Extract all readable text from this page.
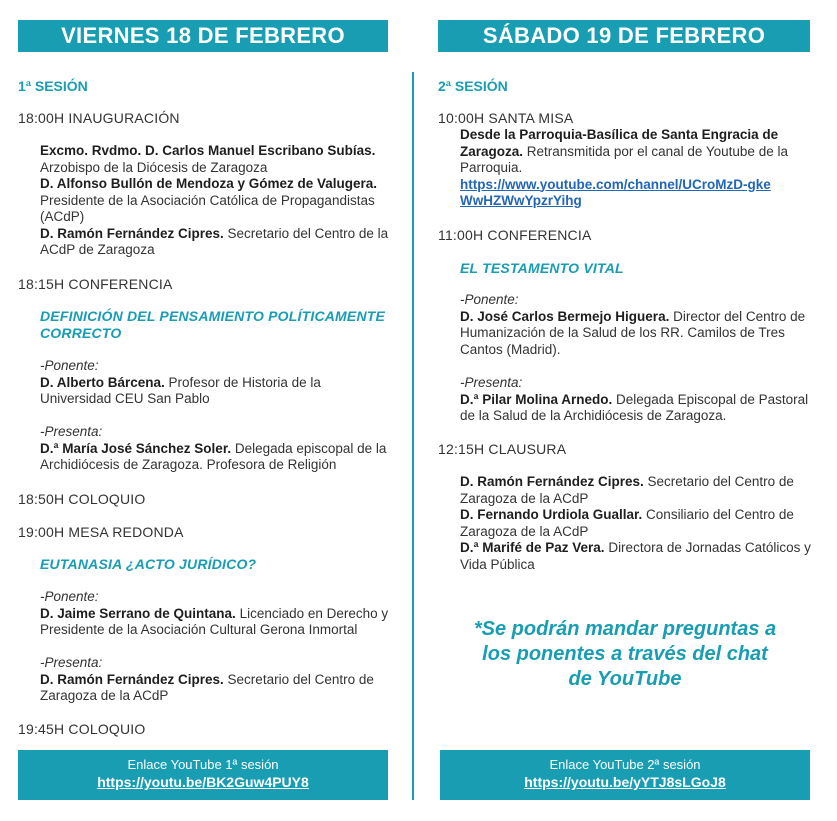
VIERNES 18 DE FEBRERO
1ª SESIÓN
18:00H INAUGURACIÓN
Excmo. Rvdmo. D. Carlos Manuel Escribano Subías.
Arzobispo de la Diócesis de Zaragoza
D. Alfonso Bullón de Mendoza y Gómez de Valugera.
Presidente de la Asociación Católica de Propagandistas (ACdP)
D. Ramón Fernández Cipres. Secretario del Centro de la ACdP de Zaragoza
18:15H CONFERENCIA
DEFINICIÓN DEL PENSAMIENTO POLÍTICAMENTE CORRECTO
-Ponente:
D. Alberto Bárcena. Profesor de Historia de la Universidad CEU San Pablo
-Presenta:
D.ª María José Sánchez Soler. Delegada episcopal de la Archidiócesis de Zaragoza. Profesora de Religión
18:50H COLOQUIO
19:00H MESA REDONDA
EUTANASIA ¿ACTO JURÍDICO?
-Ponente:
D. Jaime Serrano de Quintana. Licenciado en Derecho y Presidente de la Asociación Cultural Gerona Inmortal
-Presenta:
D. Ramón Fernández Cipres. Secretario del Centro de Zaragoza de la ACdP
19:45H COLOQUIO
Enlace YouTube 1ª sesión
https://youtu.be/BK2Guw4PUY8
SÁBADO 19 DE FEBRERO
2ª SESIÓN
10:00H SANTA MISA
Desde la Parroquia-Basílica de Santa Engracia de Zaragoza. Retransmitida por el canal de Youtube de la Parroquia.
https://www.youtube.com/channel/UCroMzD-gkeWwHZWwYpzrYihg
11:00H CONFERENCIA
EL TESTAMENTO VITAL
-Ponente:
D. José Carlos Bermejo Higuera. Director del Centro de Humanización de la Salud de los RR. Camilos de Tres Cantos (Madrid).
-Presenta:
D.ª Pilar Molina Arnedo. Delegada Episcopal de Pastoral de la Salud de la Archidiócesis de Zaragoza.
12:15H CLAUSURA
D. Ramón Fernández Cipres. Secretario del Centro de Zaragoza de la ACdP
D. Fernando Urdiola Guallar. Consiliario del Centro de Zaragoza de la ACdP
D.ª Marifé de Paz Vera. Directora de Jornadas Católicos y Vida Pública
*Se podrán mandar preguntas a los ponentes a través del chat de YouTube
Enlace YouTube 2ª sesión
https://youtu.be/yYTJ8sLGoJ8
